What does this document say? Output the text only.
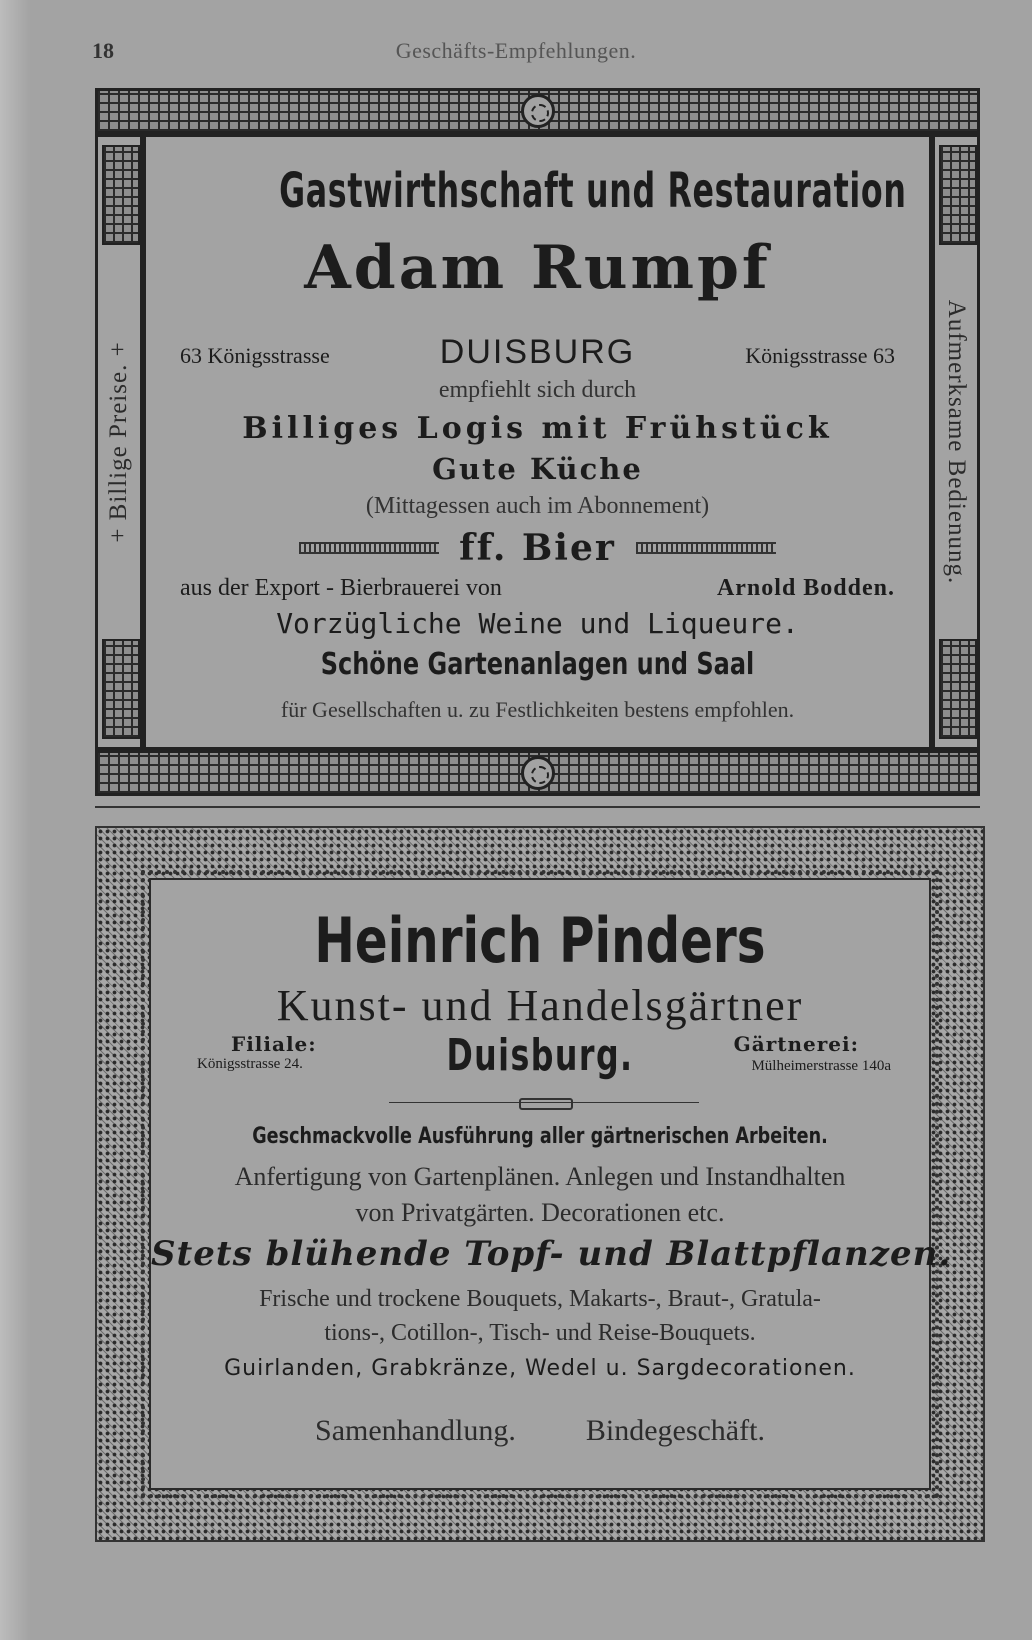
18	Geschäfts-Empfehlungen.
+ Billige Preise. +	Aufmerksame Bedienung.
Gastwirthschaft und Restauration
Adam Rumpf
63 Königsstrasse	DUISBURG	Königsstrasse 63
empfiehlt sich durch
Billiges Logis mit Frühstück
Gute Küche
(Mittagessen auch im Abonnement)
ff. Bier
aus der Export - Bierbrauerei von	Arnold Bodden.
Vorzügliche Weine und Liqueure.
Schöne Gartenanlagen und Saal
für Gesellschaften u. zu Festlichkeiten bestens empfohlen.
Heinrich Pinders
Kunst- und Handelsgärtner
Filiale:
Königsstrasse 24.	Duisburg.	Gärtnerei:
Mülheimerstrasse 140a
Geschmackvolle Ausführung aller gärtnerischen Arbeiten.
Anfertigung von Gartenplänen. Anlegen und Instandhalten
von Privatgärten. Decorationen etc.
Stets blühende Topf- und Blattpflanzen.
Frische und trockene Bouquets, Makarts-, Braut-, Gratula-
tions-, Cotillon-, Tisch- und Reise-Bouquets.
Guirlanden, Grabkränze, Wedel u. Sargdecorationen.
Samenhandlung. Bindegeschäft.
